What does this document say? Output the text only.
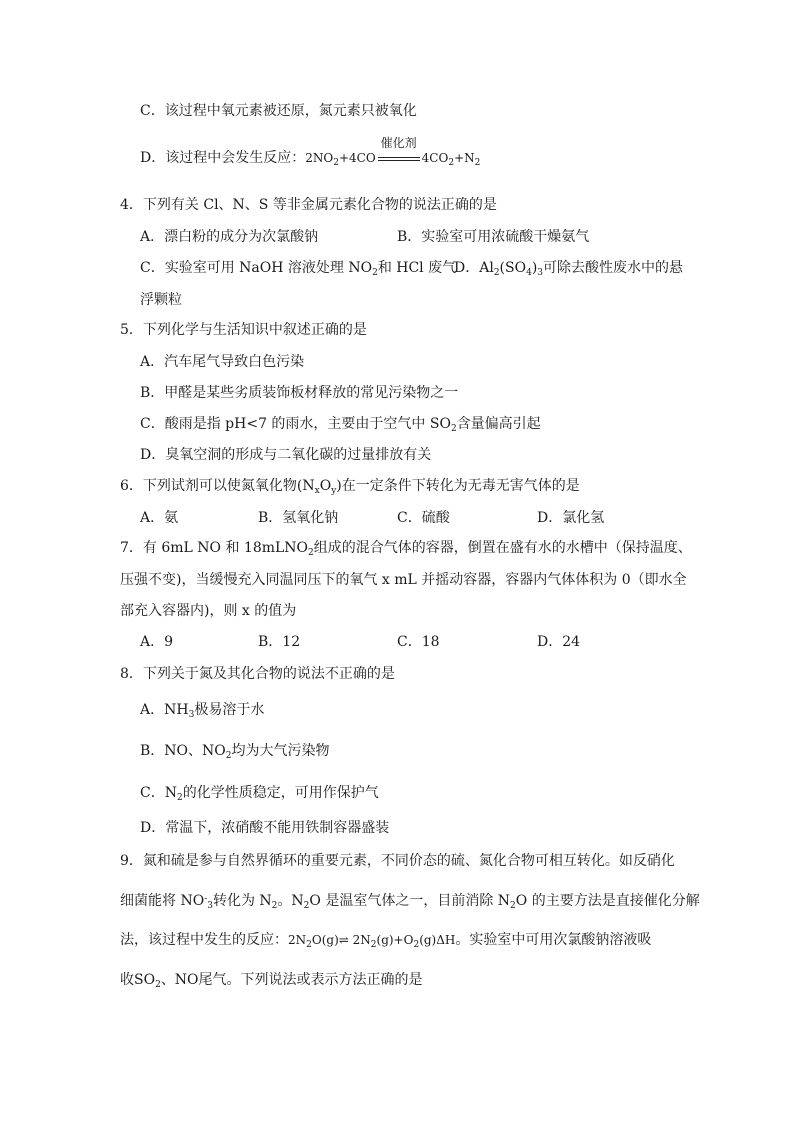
C．该过程中氧元素被还原，氮元素只被氧化
D．该过程中会发生反应：$2NO_2+4CO$
催化剂
$4CO_2+N_2$
4．下列有关 Cl、N、S 等非金属元素化合物的说法正确的是
A．漂白粉的成分为次氯酸钠	B．实验室可用浓硫酸干燥氨气
C．实验室可用 NaOH 溶液处理 $NO_2$和 HCl 废气
D．$Al_2(SO_4)_3$可除去酸性废水中的悬
浮颗粒
5．下列化学与生活知识中叙述正确的是
A．汽车尾气导致白色污染
B．甲醛是某些劣质装饰板材释放的常见污染物之一
C．酸雨是指 pH<7 的雨水，主要由于空气中 $SO_2$含量偏高引起
D．臭氧空洞的形成与二氧化碳的过量排放有关
6．下列试剂可以使氮氧化物$(N_xO_y)$在一定条件下转化为无毒无害气体的是
A．氨	B．氢氧化钠	C．硫酸	D．氯化氢
7．有 6mL NO 和 18mLNO$_2$组成的混合气体的容器，倒置在盛有水的水槽中（保持温度、
压强不变)，当缓慢充入同温同压下的氧气 x mL 并摇动容器，容器内气体体积为 0（即水全
部充入容器内)，则 x 的值为
A．9	B．12	C．18	D．24
8．下列关于氮及其化合物的说法不正确的是
A．$NH_3$极易溶于水
B．NO、$NO_2$均为大气污染物
C．$N_2$的化学性质稳定，可用作保护气
D．常温下，浓硝酸不能用铁制容器盛装
9．氮和硫是参与自然界循环的重要元素，不同价态的硫、氮化合物可相互转化。如反硝化
细菌能将 $NO^-_3$转化为 $N_2$。$N_2O$ 是温室气体之一，目前消除 $N_2O$ 的主要方法是直接催化分解
法，该过程中发生的反应：$2N_2O(g)\rightleftharpoons$ $2N_2(g)+O_2(g)\Delta H$。实验室中可用次氯酸钠溶液吸
收$SO_2$、NO尾气。下列说法或表示方法正确的是
